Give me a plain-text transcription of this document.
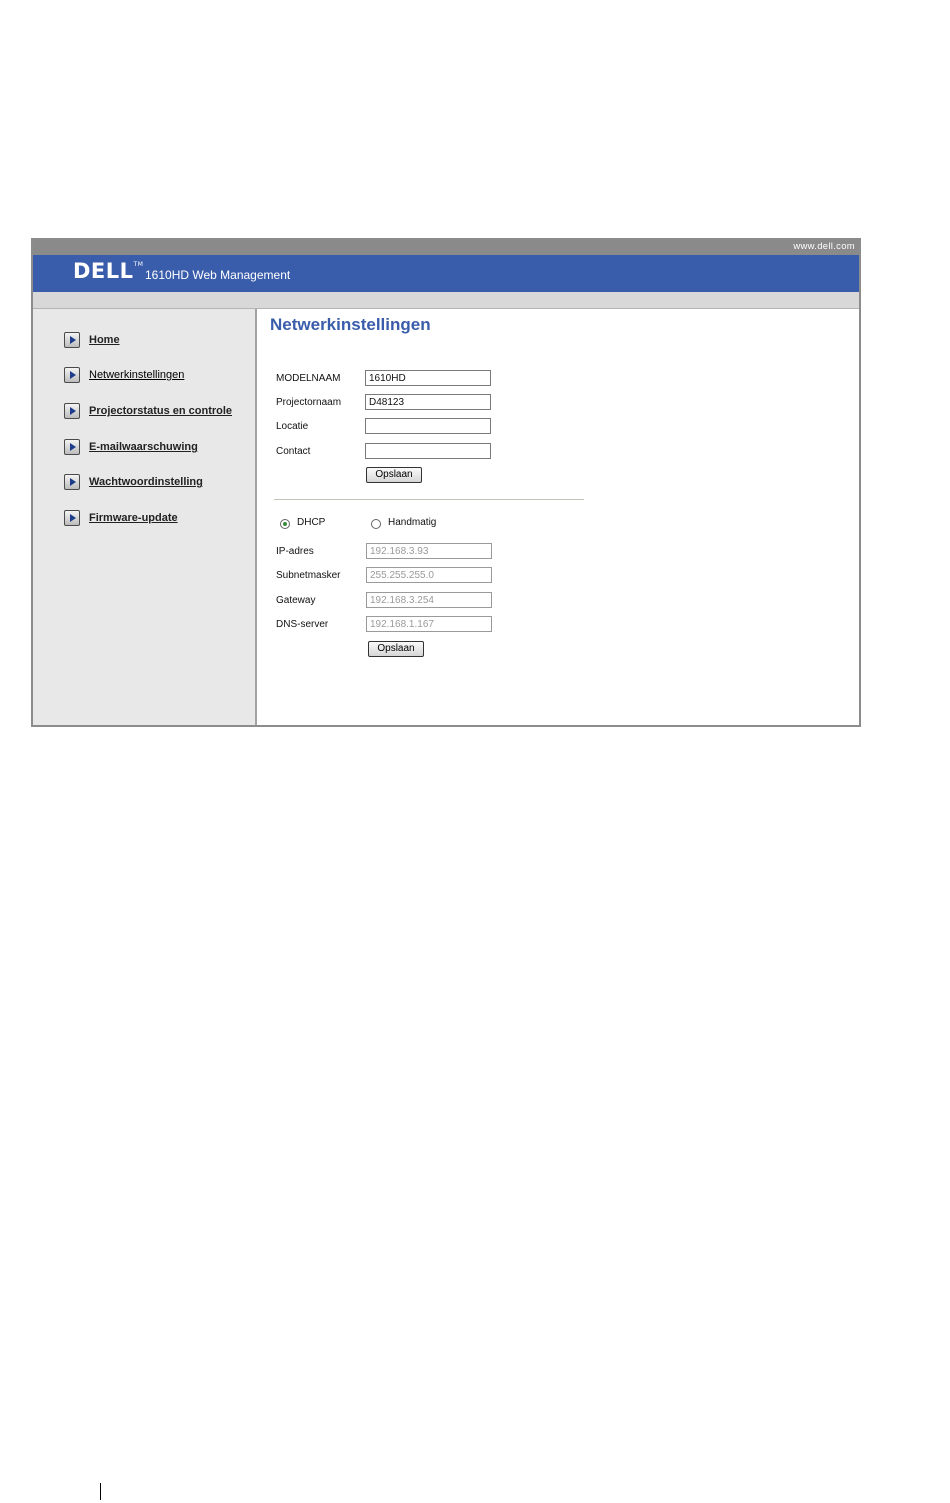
www.dell.com
DELL™
1610HD Web Management
Home
Netwerkinstellingen
Projectorstatus en controle
E-mailwaarschuwing
Wachtwoordinstelling
Firmware-update
Netwerkinstellingen
MODELNAAM
1610HD
Projectornaam
D48123
Locatie
Contact
Opslaan
DHCP	Handmatig
IP-adres
192.168.3.93
Subnetmasker
255.255.255.0
Gateway
192.168.3.254
DNS-server
192.168.1.167
Opslaan
